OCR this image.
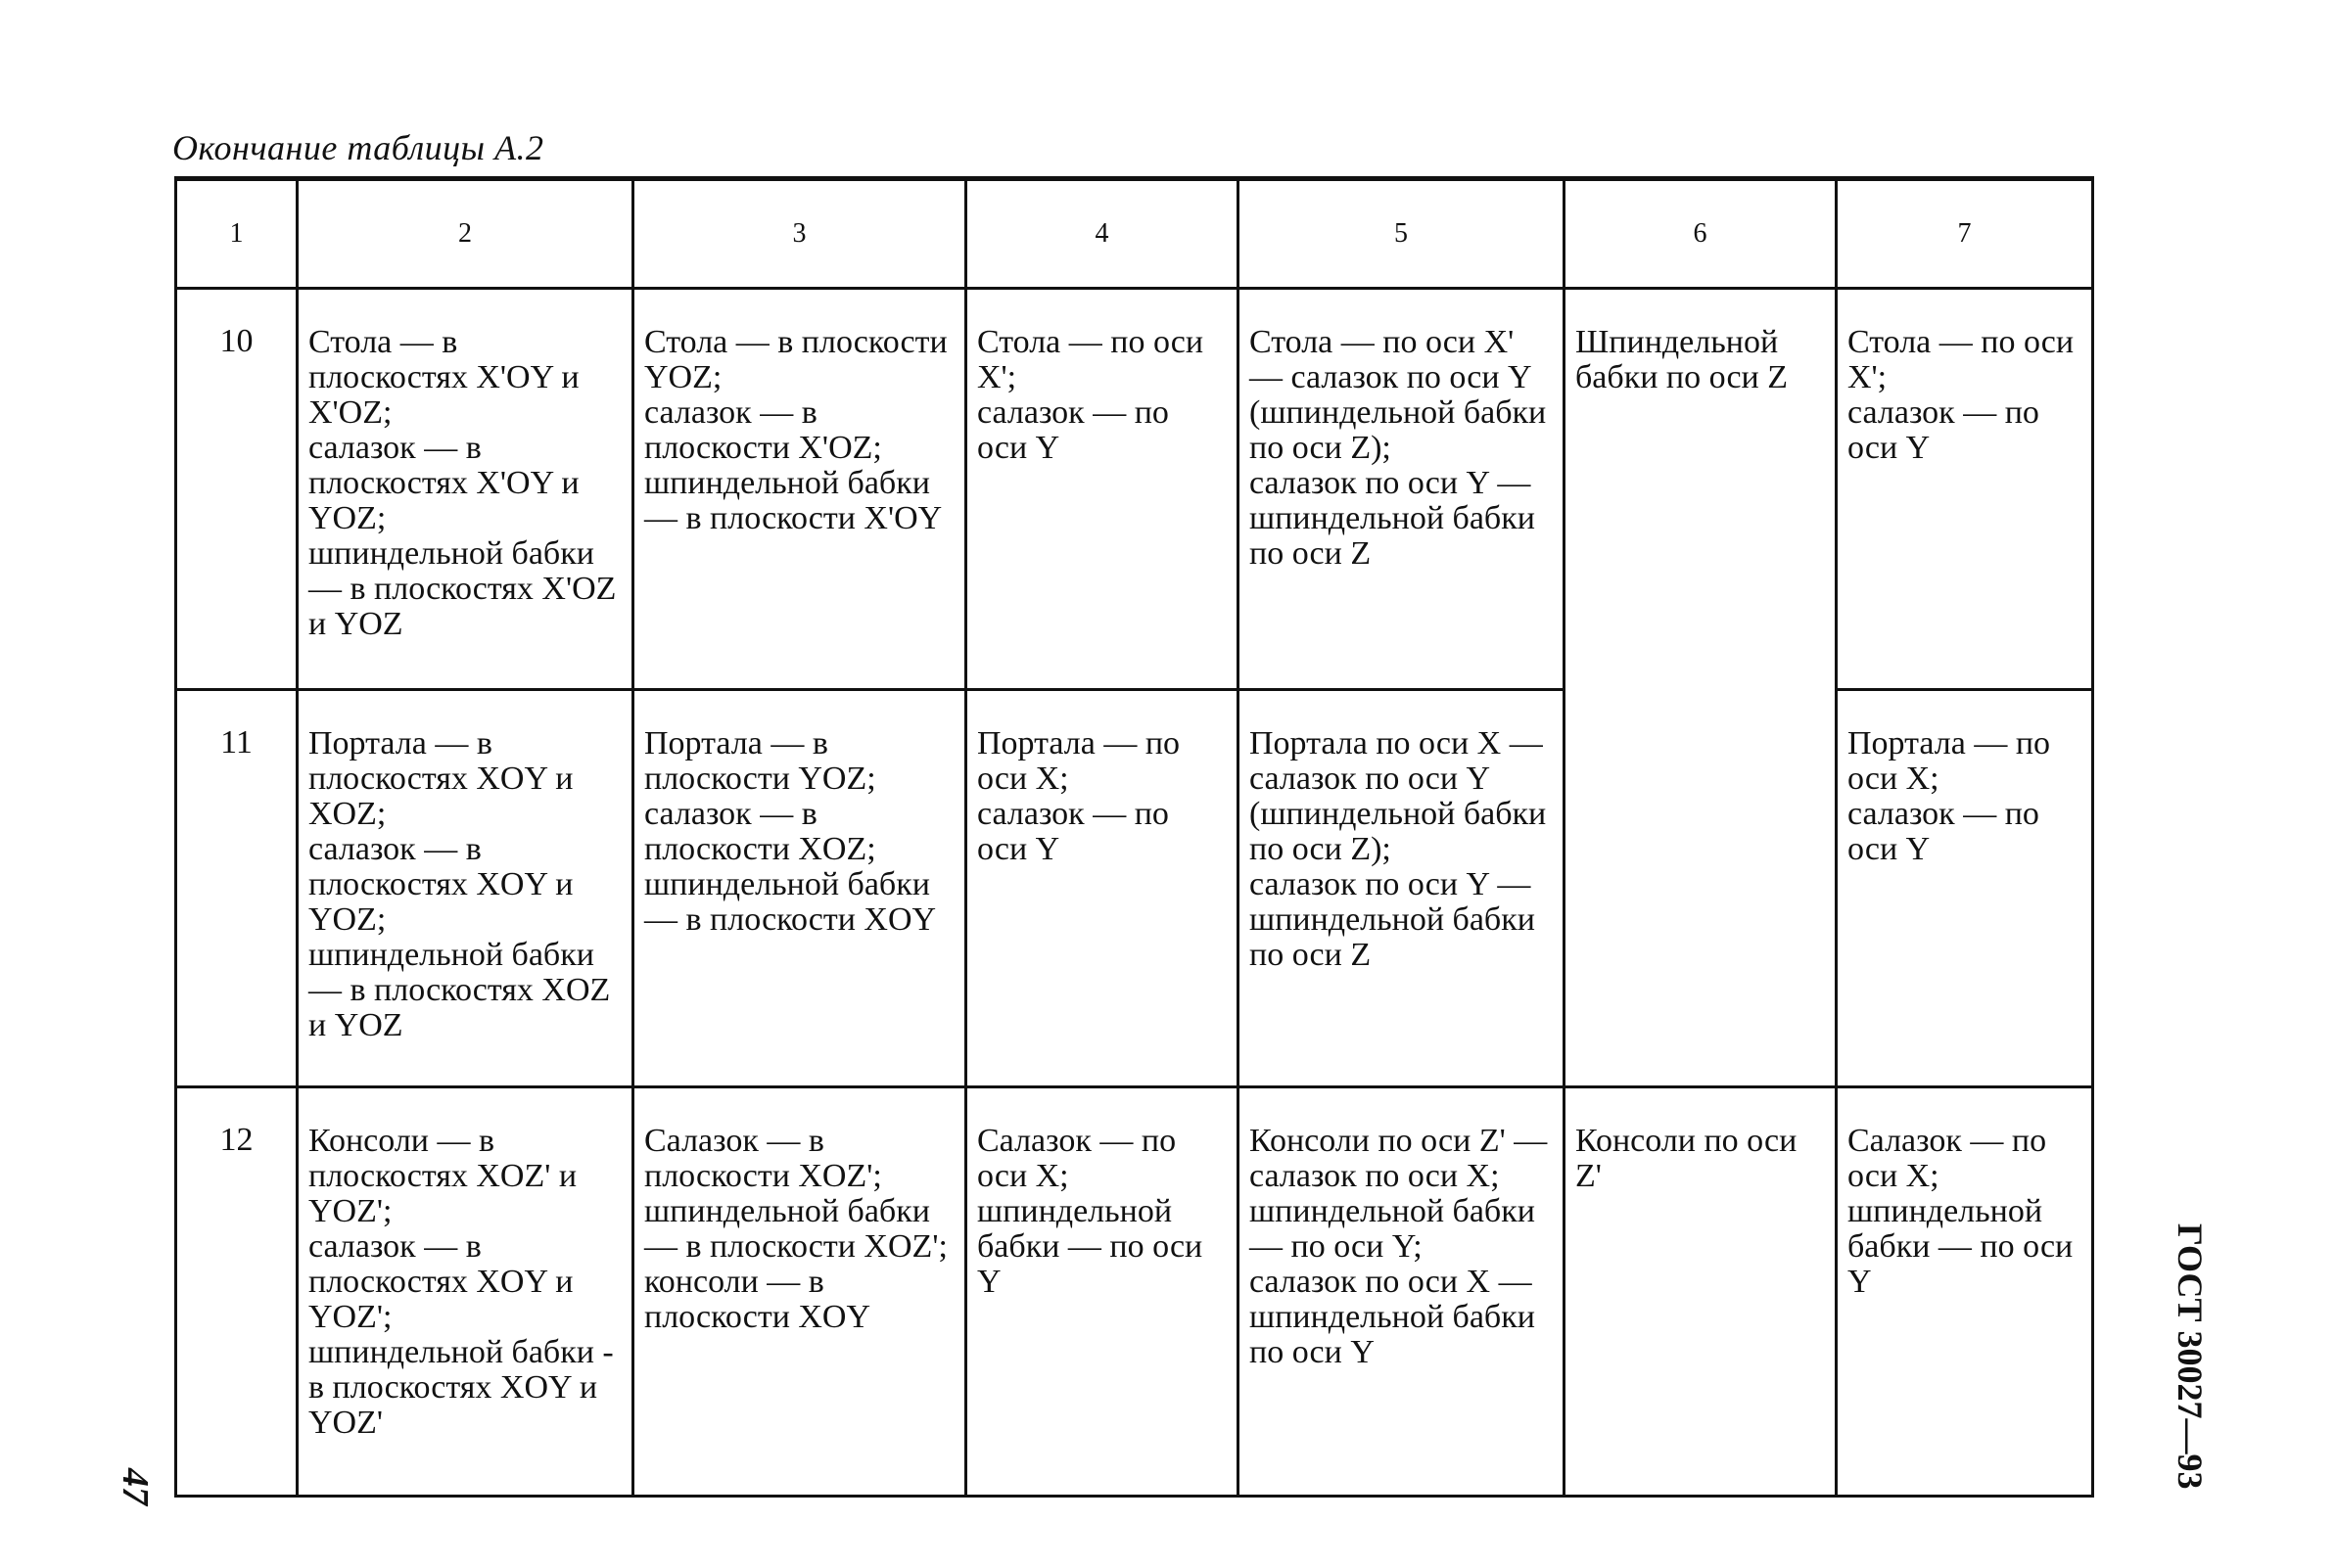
Окончание таблицы А.2
1	2	3	4	5	6	7
10	Стола — в плоскостях X'OY и X'OZ;
салазок — в плоскостях X'OY и YOZ;
шпиндельной бабки — в плоскостях X'OZ и YOZ	Стола — в плоскости YOZ;
салазок — в плоскости X'OZ;
шпиндельной бабки — в плоскости X'OY	Стола — по оси X';
салазок — по оси Y	Стола — по оси X' — салазок по оси Y (шпиндельной бабки по оси Z);
салазок по оси Y — шпиндельной бабки по оси Z	Шпиндельной бабки по оси Z	Стола — по оси X';
салазок — по оси Y
11	Портала — в плоскостях XOY и XOZ;
салазок — в плоскостях XOY и YOZ;
шпиндельной бабки — в плоскостях XOZ и YOZ	Портала — в плоскости YOZ;
салазок — в плоскости XOZ;
шпиндельной бабки — в плоскости XOY	Портала — по оси X;
салазок — по оси Y	Портала по оси X — салазок по оси Y (шпиндельной бабки по оси Z);
салазок по оси Y — шпиндельной бабки по оси Z		Портала — по оси X;
салазок — по оси Y
12	Консоли — в плоскостях XOZ' и YOZ';
салазок — в плоскостях XOY и YOZ';
шпиндельной бабки - в плоскостях XOY и YOZ'	Салазок — в плоскости XOZ';
шпиндельной бабки — в плоскости XOZ';
консоли — в плоскости XOY	Салазок — по оси X;
шпиндельной бабки — по оси Y	Консоли по оси Z' — салазок по оси X;
шпиндельной бабки — по оси Y;
салазок по оси X — шпиндельной бабки по оси Y	Консоли по оси Z'	Салазок — по оси X;
шпиндельной бабки — по оси Y	ГОСТ 30027—93
47
